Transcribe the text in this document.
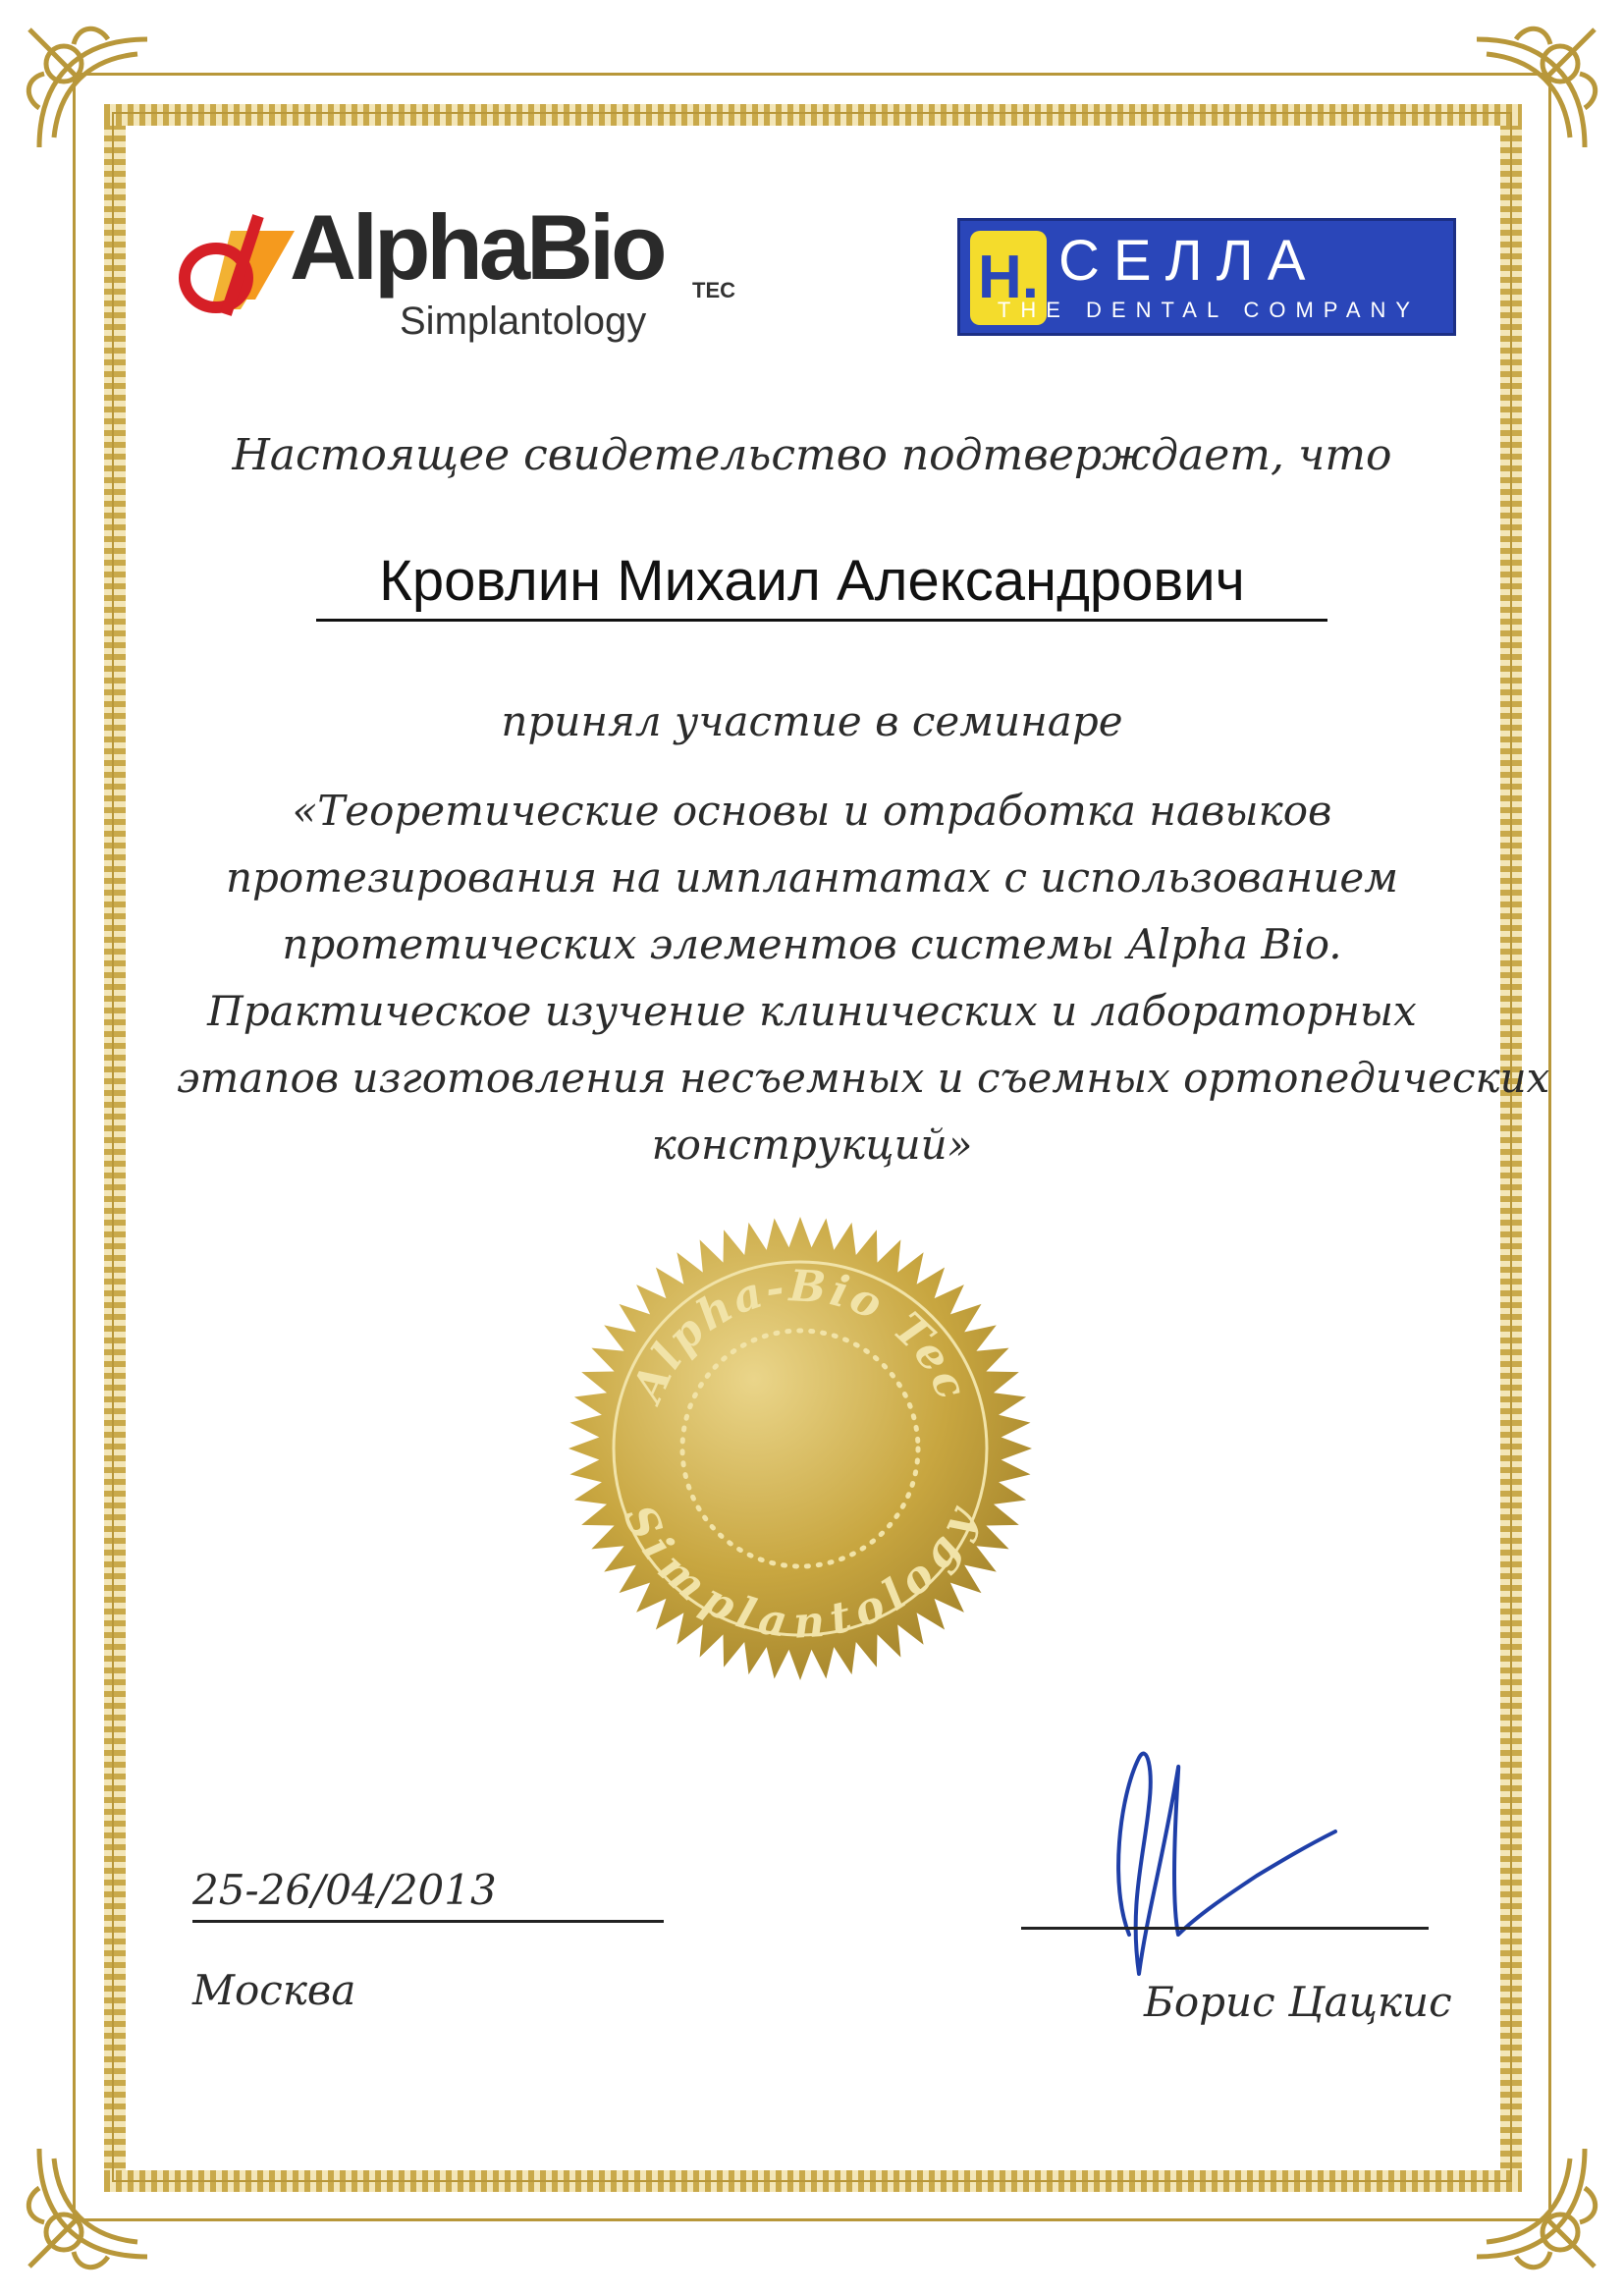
AlphaBio TEC
Simplantology
H. СЕЛЛА
THE DENTAL COMPANY
Настоящее свидетельство подтверждает, что
Кровлин Михаил Александрович
принял участие в семинаре
«Теоретические основы и отработка навыков
протезирования на имплантатах с использованием
протетических элементов системы Alpha Bio.
Практическое изучение клинических и лабораторных
этапов изготовления несъемных и съемных ортопедических
конструкций»
Alpha-Bio Tec
Simplantology
25-26/04/2013
Москва	Борис Цацкис
